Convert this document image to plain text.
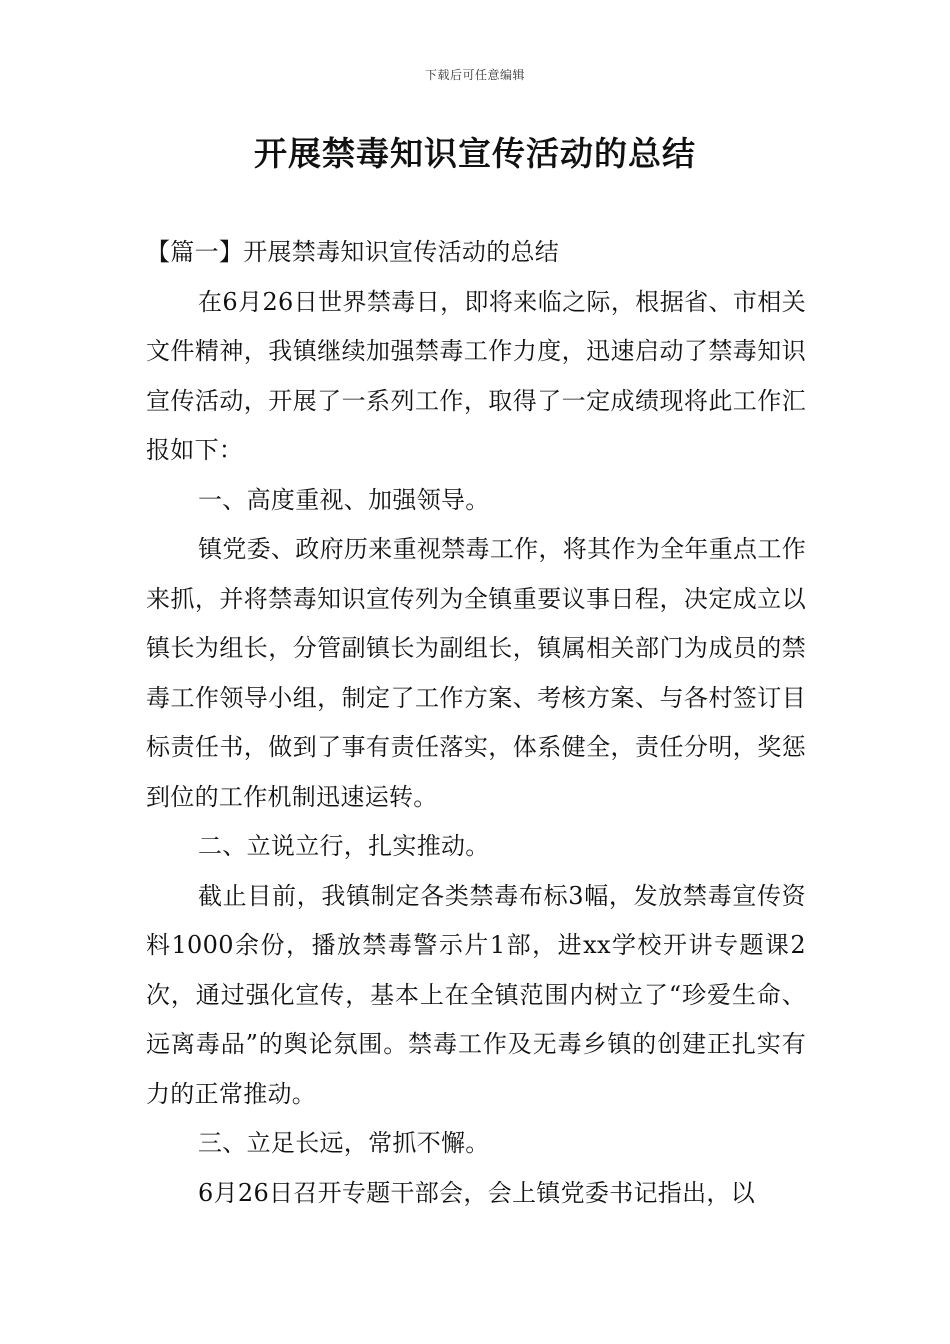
下载后可任意编辑
开展禁毒知识宣传活动的总结

【篇一】开展禁毒知识宣传活动的总结

在6月26日世界禁毒日，即将来临之际，根据省、市相关文件精神，我镇继续加强禁毒工作力度，迅速启动了禁毒知识宣传活动，开展了一系列工作，取得了一定成绩现将此工作汇报如下：

一、高度重视、加强领导。

镇党委、政府历来重视禁毒工作，将其作为全年重点工作来抓，并将禁毒知识宣传列为全镇重要议事日程，决定成立以镇长为组长，分管副镇长为副组长，镇属相关部门为成员的禁毒工作领导小组，制定了工作方案、考核方案、与各村签订目标责任书，做到了事有责任落实，体系健全，责任分明，奖惩到位的工作机制迅速运转。

二、立说立行，扎实推动。

截止目前，我镇制定各类禁毒布标3幅，发放禁毒宣传资料1000余份，播放禁毒警示片1部，进xx学校开讲专题课2次，通过强化宣传，基本上在全镇范围内树立了“珍爱生命、远离毒品”的舆论氛围。禁毒工作及无毒乡镇的创建正扎实有力的正常推动。

三、立足长远，常抓不懈。

6月26日召开专题干部会，会上镇党委书记指出，以
